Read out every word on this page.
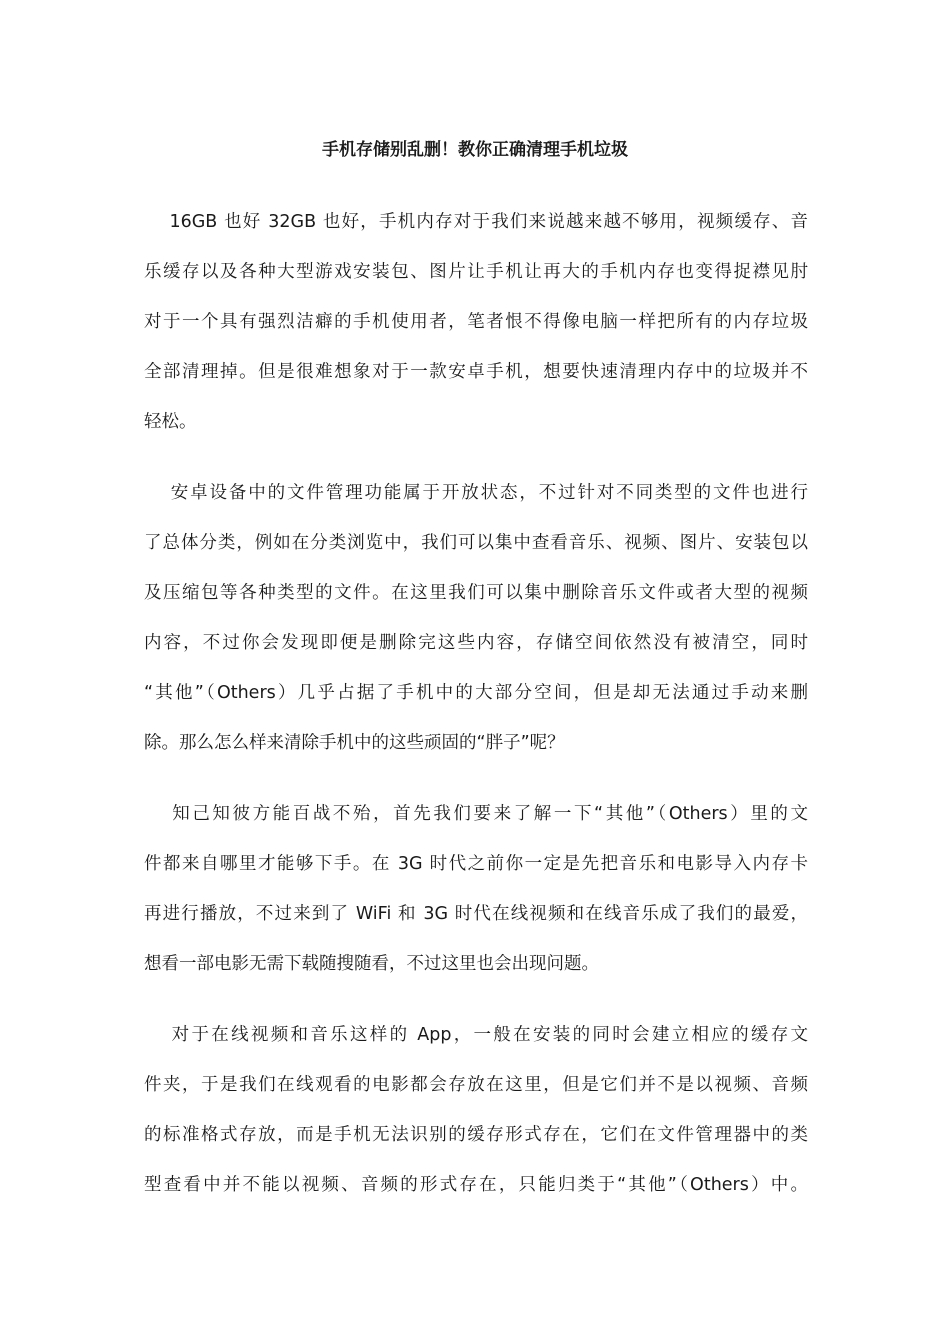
手机存储别乱删！教你正确清理手机垃圾

　 16GB 也好 32GB 也好，手机内存对于我们来说越来越不够用，视频缓存、音
乐缓存以及各种大型游戏安装包、图片让手机让再大的手机内存也变得捉襟见肘
对于一个具有强烈洁癖的手机使用者，笔者恨不得像电脑一样把所有的内存垃圾
全部清理掉。但是很难想象对于一款安卓手机，想要快速清理内存中的垃圾并不
轻松。

　 安卓设备中的文件管理功能属于开放状态，不过针对不同类型的文件也进行
了总体分类，例如在分类浏览中，我们可以集中查看音乐、视频、图片、安装包以
及压缩包等各种类型的文件。在这里我们可以集中删除音乐文件或者大型的视频
内容，不过你会发现即便是删除完这些内容，存储空间依然没有被清空，同时
“其他”（Others）几乎占据了手机中的大部分空间，但是却无法通过手动来删
除。那么怎么样来清除手机中的这些顽固的“胖子”呢？

　 知己知彼方能百战不殆，首先我们要来了解一下“其他”（Others）里的文
件都来自哪里才能够下手。在 3G 时代之前你一定是先把音乐和电影导入内存卡
再进行播放，不过来到了 WiFi 和 3G 时代在线视频和在线音乐成了我们的最爱，
想看一部电影无需下载随搜随看，不过这里也会出现问题。

　 对于在线视频和音乐这样的 App，一般在安装的同时会建立相应的缓存文
件夹，于是我们在线观看的电影都会存放在这里，但是它们并不是以视频、音频
的标准格式存放，而是手机无法识别的缓存形式存在，它们在文件管理器中的类
型查看中并不能以视频、音频的形式存在，只能归类于“其他”（Others）中。
